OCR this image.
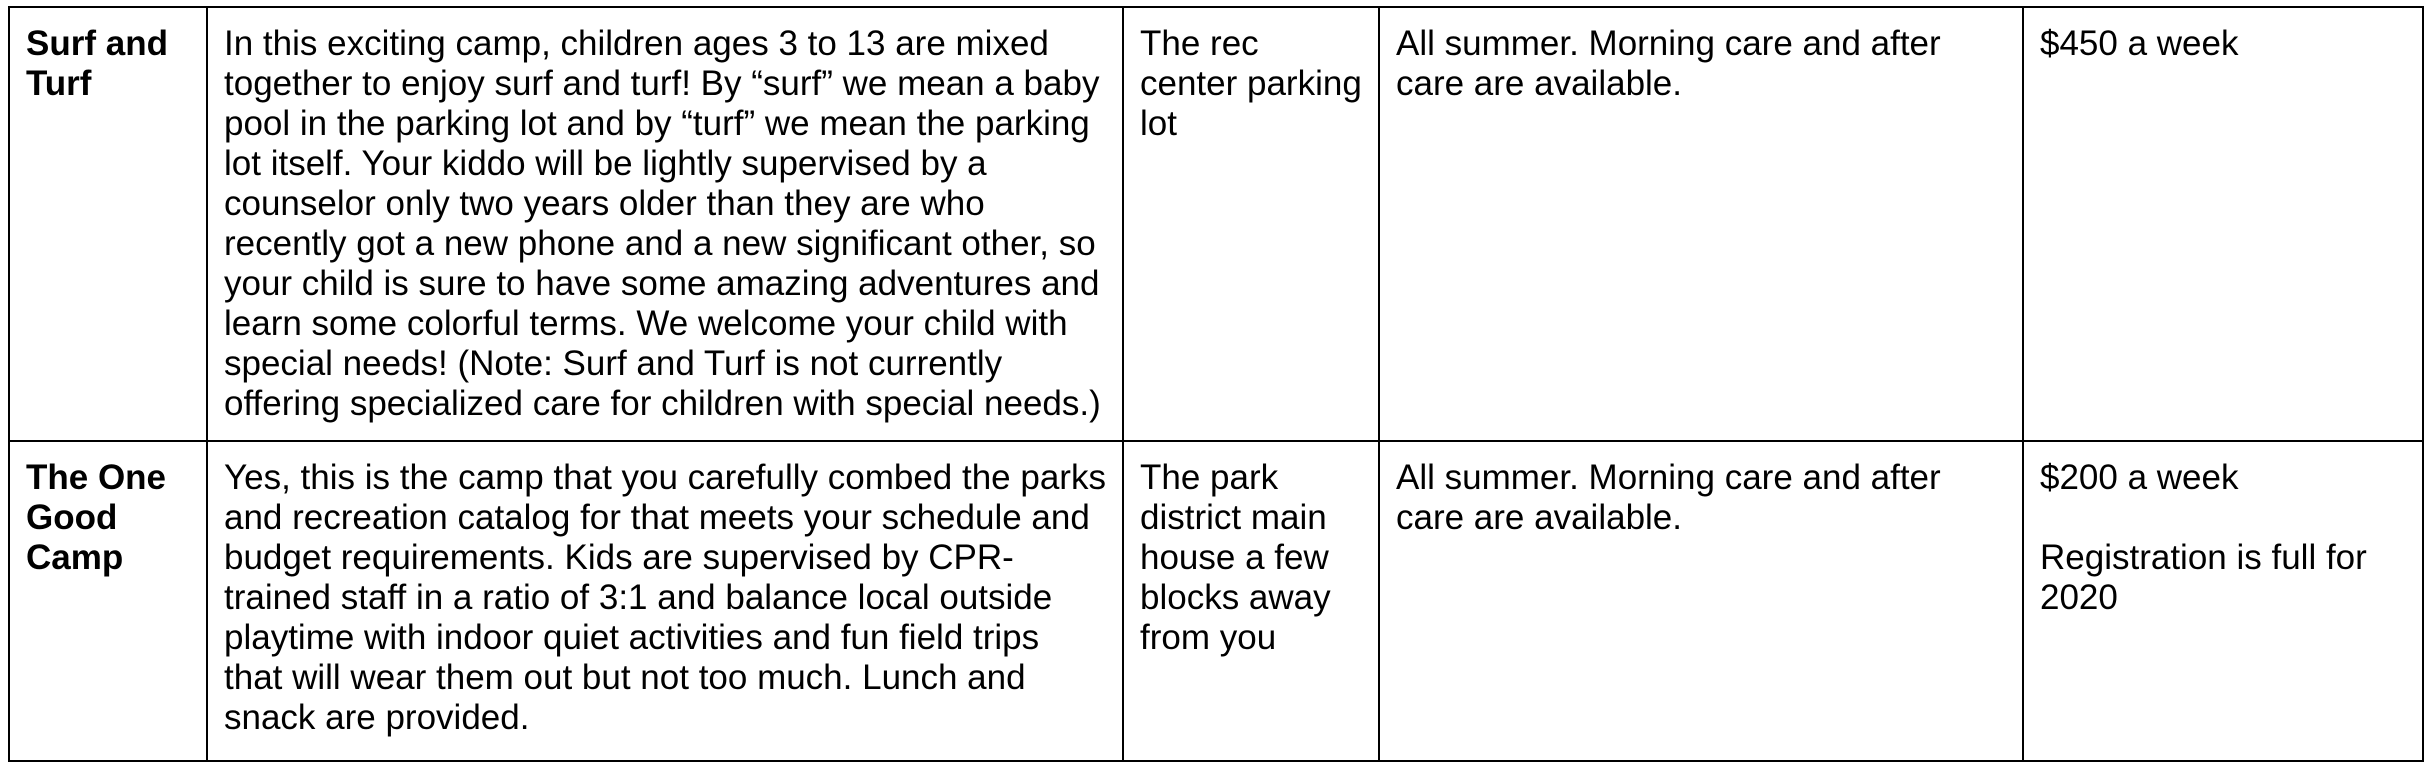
Surf and Turf	In this exciting camp, children ages 3 to 13 are mixed together to enjoy surf and turf! By “surf” we mean a baby pool in the parking lot and by “turf” we mean the parking lot itself. Your kiddo will be lightly supervised by a counselor only two years older than they are who recently got a new phone and a new significant other, so your child is sure to have some amazing adventures and learn some colorful terms. We welcome your child with special needs! (Note: Surf and Turf is not currently offering specialized care for children with special needs.)	The rec center parking lot	All summer. Morning care and after care are available.	$450 a week

The One Good Camp	Yes, this is the camp that you carefully combed the parks and recreation catalog for that meets your schedule and budget requirements. Kids are supervised by CPR-trained staff in a ratio of 3:1 and balance local outside playtime with indoor quiet activities and fun field trips that will wear them out but not too much. Lunch and snack are provided.	The park district main house a few blocks away from you	All summer. Morning care and after care are available.	$200 a week
Registration is full for 2020
